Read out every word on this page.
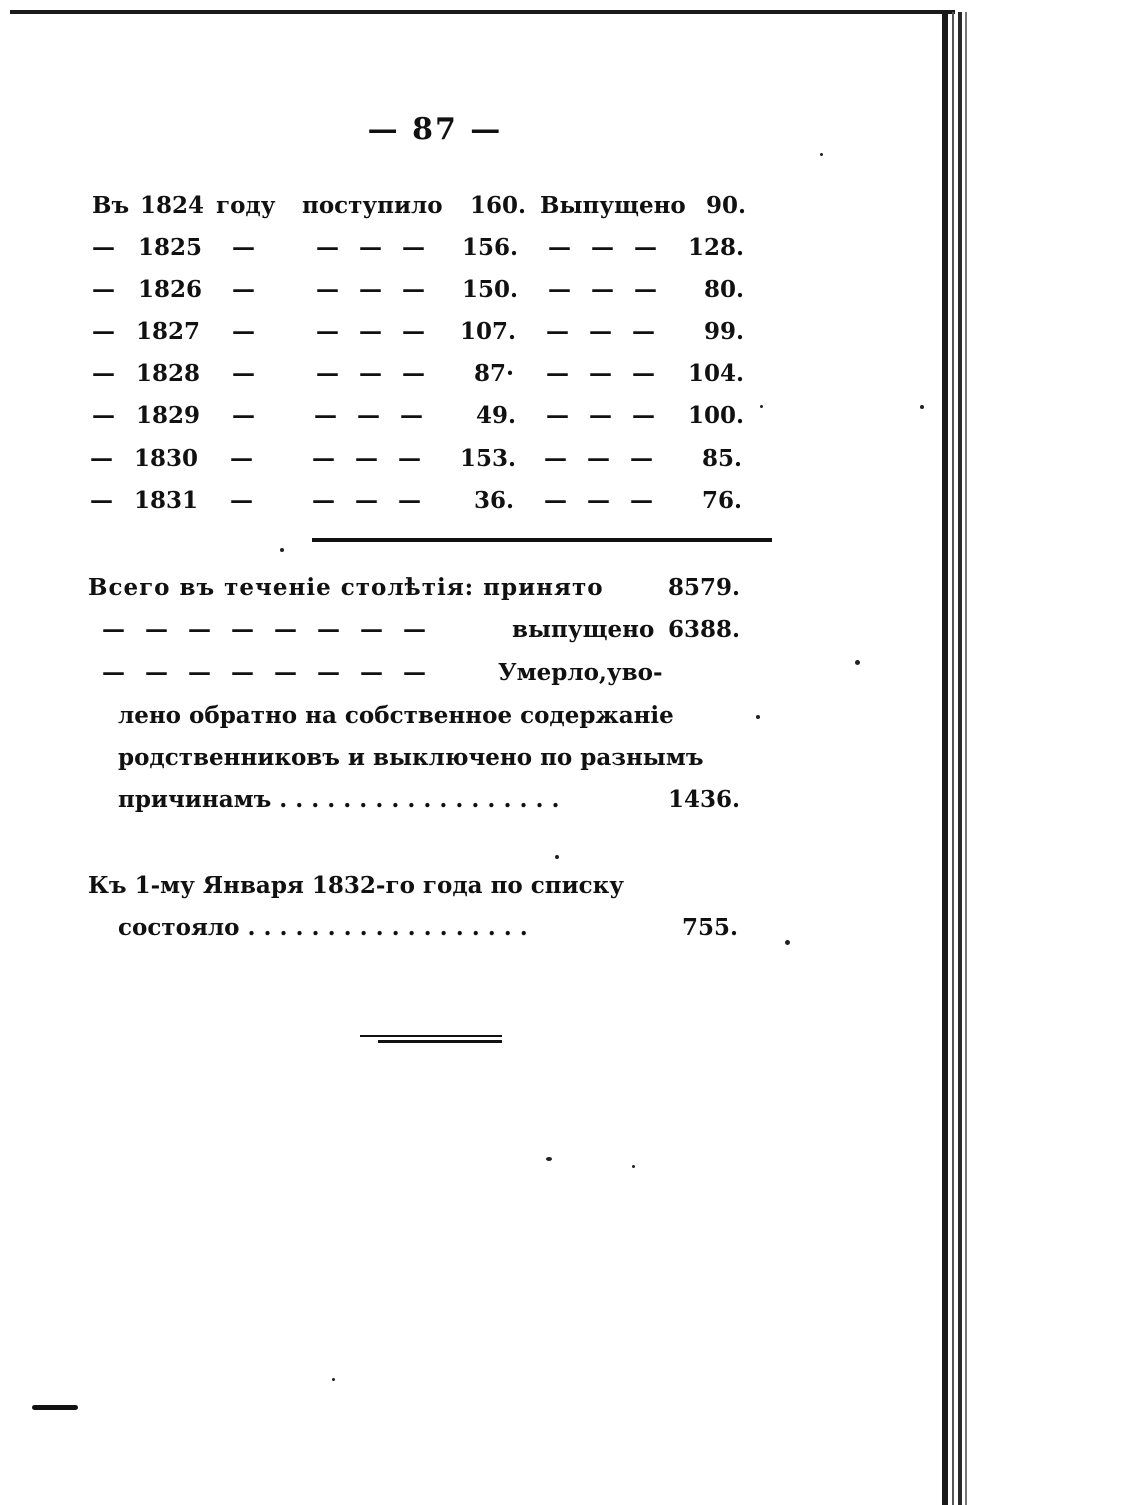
— 87 —
Въ 1824 году поступило	160. Выпущено 90.
— 1825 —	— — —	156. — — —	128.
— 1826 —	— — —	150. — — —	80.
— 1827 —	— — —	107. — — —	99.
— 1828 —	— — —	87· — — —	104.
— 1829 —	— — —	49. — — —	100.
— 1830 —	— — —	153. — — —	85.
— 1831 —	— — —	36. — — —	76.
Всего въ теченіе столѣтія: принято	8579.
— — — — — — — —	выпущено 6388.
— — — — — — — —	Умерло,уво-
лено обратно на собственное содержаніе
родственниковъ и выключено по разнымъ
причинамъ . . . . . . . . . . . . . . . . . .	1436.
Къ 1-му Января 1832-го года по списку
состояло . . . . . . . . . . . . . . . . . .	755.
